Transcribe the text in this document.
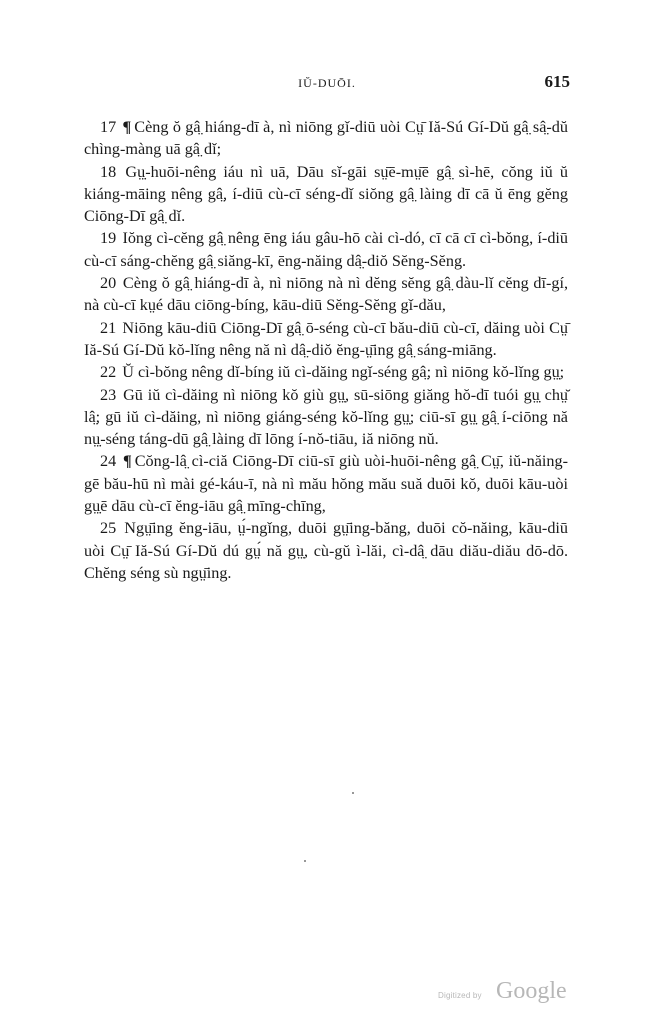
IŬ-DUŌI.	615

17 ¶ Cèng ŏ gâ̤ hiáng-dī à, nì niōng gǐ-diū uòi Cṳ̄ Iă-Sú Gí-Dŭ gâ̤ sâ̤-dŭ chìng-màng uā gâ̤ dǐ;

18 Gṳ̣-huōi-nêng iáu nì uā, Dāu sǐ-gāi sṳ̄ē-mṳ̄ē gâ̤ sì-hē, cŏng iŭ ŭ kiáng-māing nêng gâ̤, í-diū cù-cī séng-dǐ siŏng gâ̤ làing dī cā ŭ ēng gĕng Ciōng-Dī gâ̤ dǐ.

19 Iŏng cì-cĕng gâ̤ nêng ēng iáu gâu-hō cài cì-dó, cī cā cī cì-bŏng, í-diū cù-cī sáng-chĕng gâ̤ siăng-kī, ēng-năing dâ̤-diŏ Sĕng-Sĕng.

20 Cèng ŏ gâ̤ hiáng-dī à, nì niōng nà nì dĕng sĕng gâ̤ dàu-lǐ cĕng dī-gí, nà cù-cī kṳé dāu ciōng-bíng, kāu-diū Sĕng-Sĕng gǐ-dău,

21 Niōng kāu-diū Ciōng-Dī gâ̤ ō-séng cù-cī bău-diū cù-cī, dăing uòi Cṳ̄ Iă-Sú Gí-Dŭ kŏ-lǐng nêng nă nì dâ̤-diŏ ĕng-ṳ̄ing gâ̤ sáng-miāng.

22 Ŭ cì-bŏng nêng dǐ-bíng iŭ cì-dăing ngǐ-séng gâ̤; nì niōng kŏ-lǐng gṳ̣;

23 Gū iŭ cì-dăing nì niōng kŏ giù gṳ̣, sū-siōng giăng hŏ-dī tuói gṳ̣ chṳ̆ lâ̤; gū iŭ cì-dăing, nì niōng giáng-séng kŏ-lǐng gṳ̣; ciū-sī gṳ̣ gâ̤ í-ciōng nă nṳ̣-séng táng-dū gâ̤ làing dī lōng í-nŏ-tiāu, iă niōng nŭ.

24 ¶ Cŏng-lâ̤ cì-ciă Ciōng-Dī ciū-sī giù uòi-huōi-nêng gâ̤ Cṳ̄, iŭ-năing-gē bău-hū nì mài gé-káu-ī, nà nì mău hŏng mău suă duōi kŏ, duōi kāu-uòi gṳ̣ē dāu cù-cī ĕng-iāu gâ̤ mīng-chīng,

25 Ngṳ̄ing ĕng-iāu, ṳ́-ngǐng, duōi gṳ̄ing-băng, duōi cŏ-năing, kāu-diū uòi Cṳ̄ Iă-Sú Gí-Dŭ dú gṳ́ nă gṳ̣, cù-gŭ ì-lăi, cì-dâ̤ dāu diău-diău dō-dō. Chĕng séng sù ngṳ̄ing.

Digitized by Google
